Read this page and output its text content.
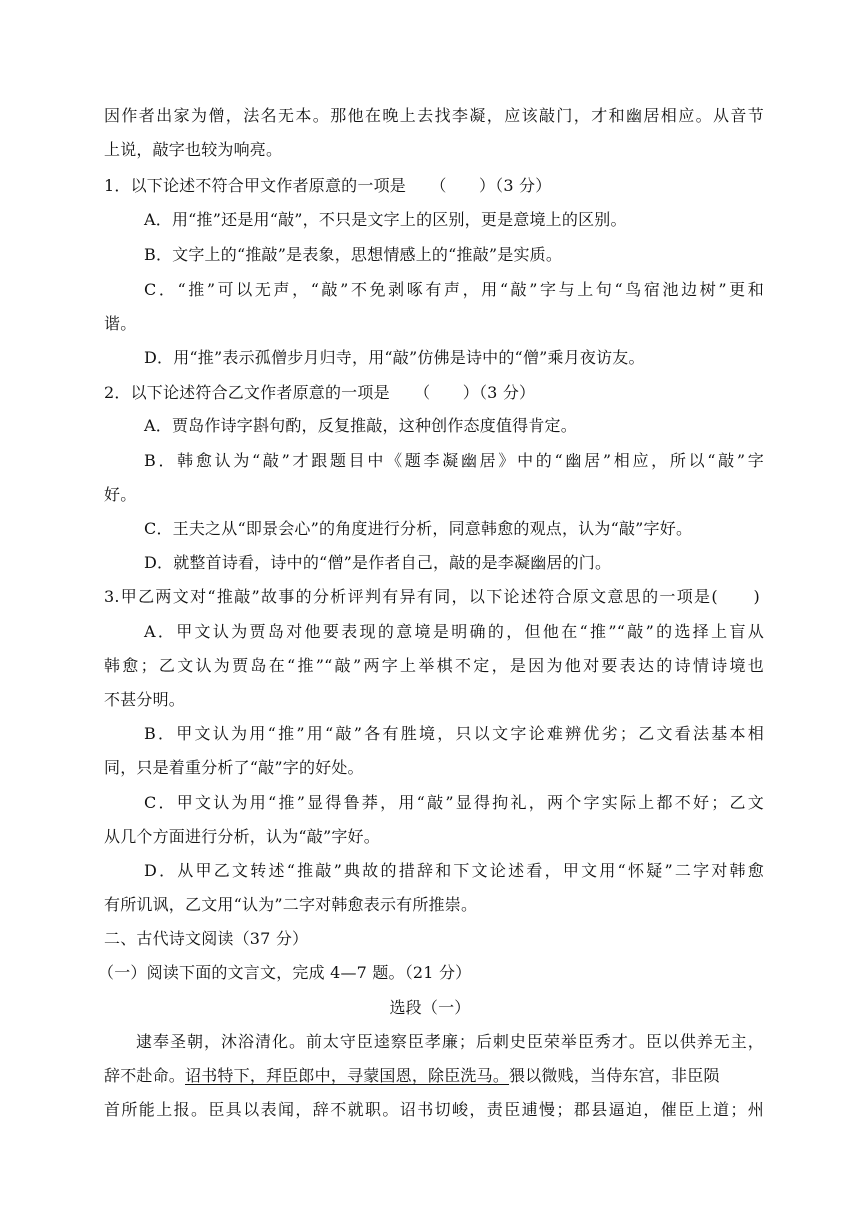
因作者出家为僧，法名无本。那他在晚上去找李凝，应该敲门，才和幽居相应。从音节
上说，敲字也较为响亮。
1．以下论述不符合甲文作者原意的一项是　　（　　）（3 分）
A．用“推”还是用“敲”，不只是文字上的区别，更是意境上的区别。
B．文字上的“推敲”是表象，思想情感上的“推敲”是实质。
C．“推”可以无声，“敲”不免剥啄有声，用“敲”字与上句“鸟宿池边树”更和
谐。
D．用“推”表示孤僧步月归寺，用“敲”仿佛是诗中的“僧”乘月夜访友。
2．以下论述符合乙文作者原意的一项是　　（　　）（3 分）
A．贾岛作诗字斟句酌，反复推敲，这种创作态度值得肯定。
B．韩愈认为“敲”才跟题目中《题李凝幽居》中的“幽居”相应，所以“敲”字
好。
C．王夫之从“即景会心”的角度进行分析，同意韩愈的观点，认为“敲”字好。
D．就整首诗看，诗中的“僧”是作者自己，敲的是李凝幽居的门。
3.甲乙两文对“推敲”故事的分析评判有异有同，以下论述符合原文意思的一项是(　　)
A．甲文认为贾岛对他要表现的意境是明确的，但他在“推”“敲”的选择上盲从
韩愈；乙文认为贾岛在“推”“敲”两字上举棋不定，是因为他对要表达的诗情诗境也
不甚分明。
B．甲文认为用“推”用“敲”各有胜境，只以文字论难辨优劣；乙文看法基本相
同，只是着重分析了“敲”字的好处。
C．甲文认为用“推”显得鲁莽，用“敲”显得拘礼，两个字实际上都不好；乙文
从几个方面进行分析，认为“敲”字好。
D．从甲乙文转述“推敲”典故的措辞和下文论述看，甲文用“怀疑”二字对韩愈
有所讥讽，乙文用“认为”二字对韩愈表示有所推崇。
二、古代诗文阅读（37 分）
（一）阅读下面的文言文，完成 4—7 题。（21 分）
选段（一）
逮奉圣朝，沐浴清化。前太守臣逵察臣孝廉；后刺史臣荣举臣秀才。臣以供养无主，
辞不赴命。诏书特下，拜臣郎中，寻蒙国恩，除臣洗马。猥以微贱，当侍东宫，非臣陨
首所能上报。臣具以表闻，辞不就职。诏书切峻，责臣逋慢；郡县逼迫，催臣上道；州
